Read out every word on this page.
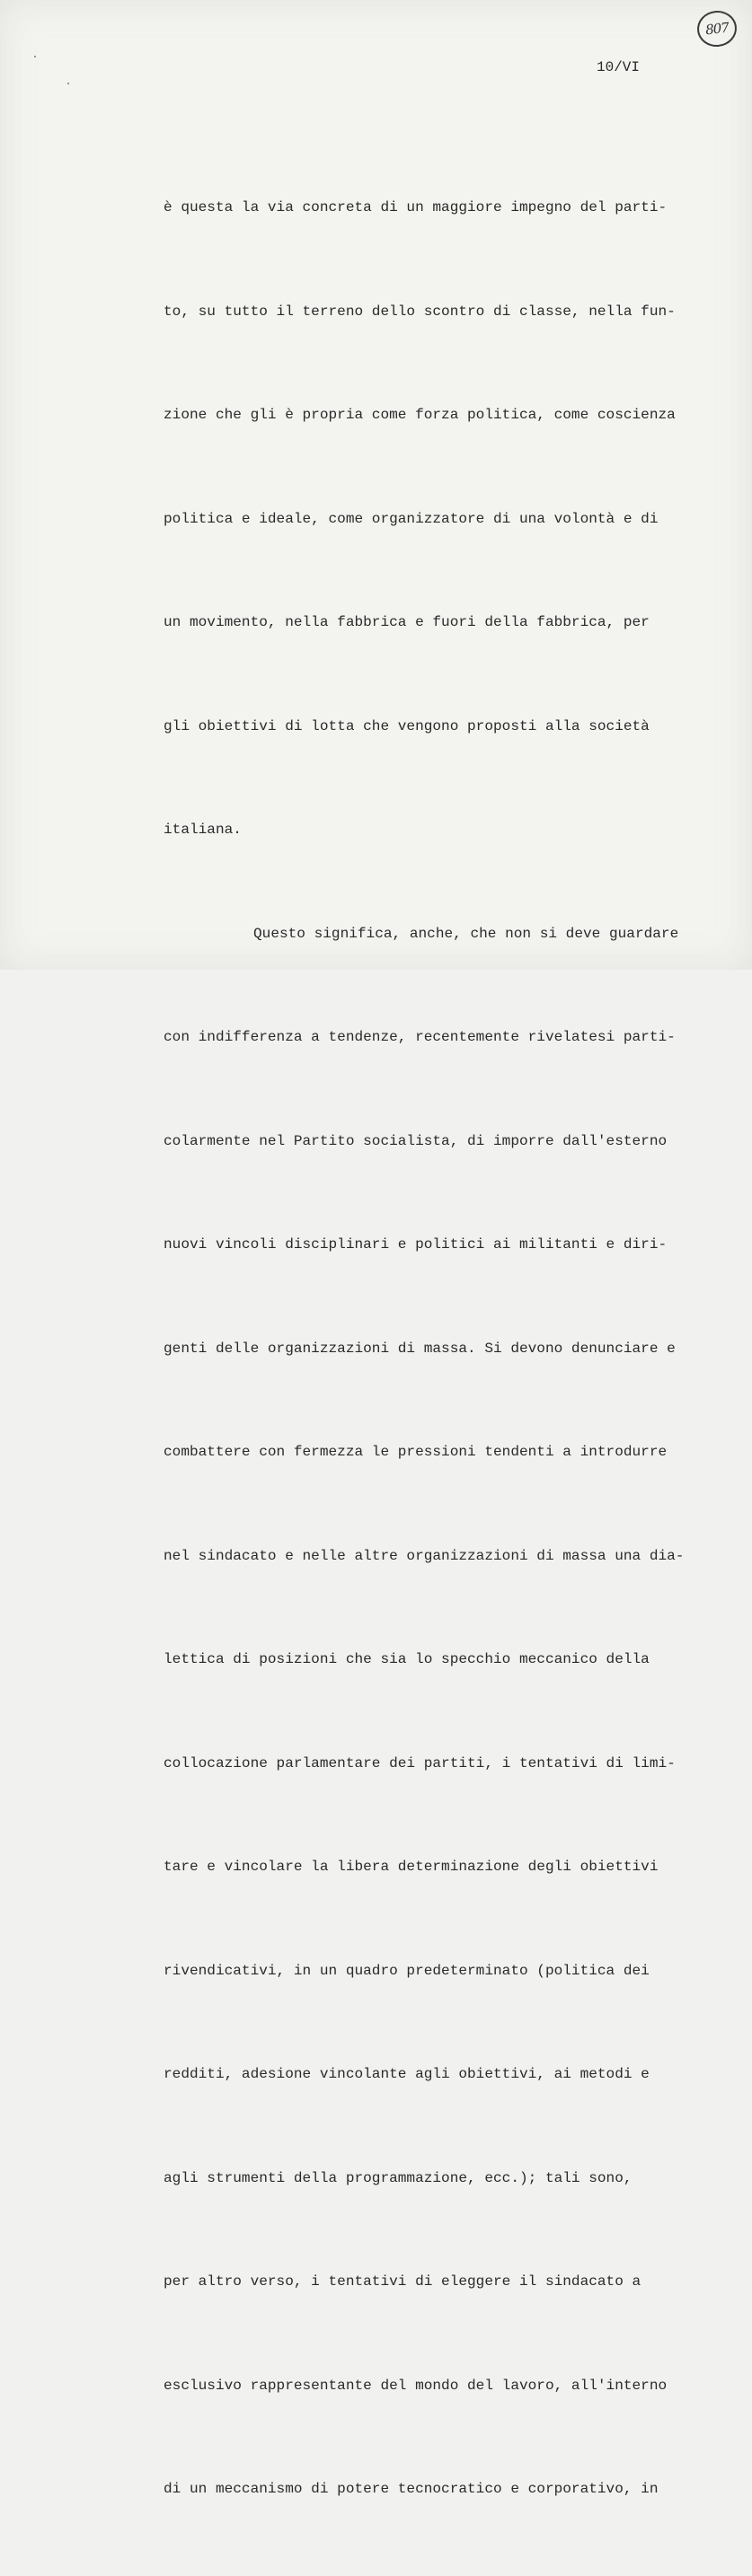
807
10/VI

è questa la via concreta di un maggiore impegno del parti-

to, su tutto il terreno dello scontro di classe, nella fun-

zione che gli è propria come forza politica, come coscienza

politica e ideale, come organizzatore di una volontà e di

un movimento, nella fabbrica e fuori della fabbrica, per

gli obiettivi di lotta che vengono proposti alla società

italiana.

Questo significa, anche, che non si deve guardare

con indifferenza a tendenze, recentemente rivelatesi parti-

colarmente nel Partito socialista, di imporre dall'esterno

nuovi vincoli disciplinari e politici ai militanti e diri-

genti delle organizzazioni di massa. Si devono denunciare e

combattere con fermezza le pressioni tendenti a introdurre

nel sindacato e nelle altre organizzazioni di massa una dia-

lettica di posizioni che sia lo specchio meccanico della

collocazione parlamentare dei partiti, i tentativi di limi-

tare e vincolare la libera determinazione degli obiettivi

rivendicativi, in un quadro predeterminato (politica dei

redditi, adesione vincolante agli obiettivi, ai metodi e

agli strumenti della programmazione, ecc.); tali sono,

per altro verso, i tentativi di eleggere il sindacato a

esclusivo rappresentante del mondo del lavoro, all'interno

di un meccanismo di potere tecnocratico e corporativo, in
